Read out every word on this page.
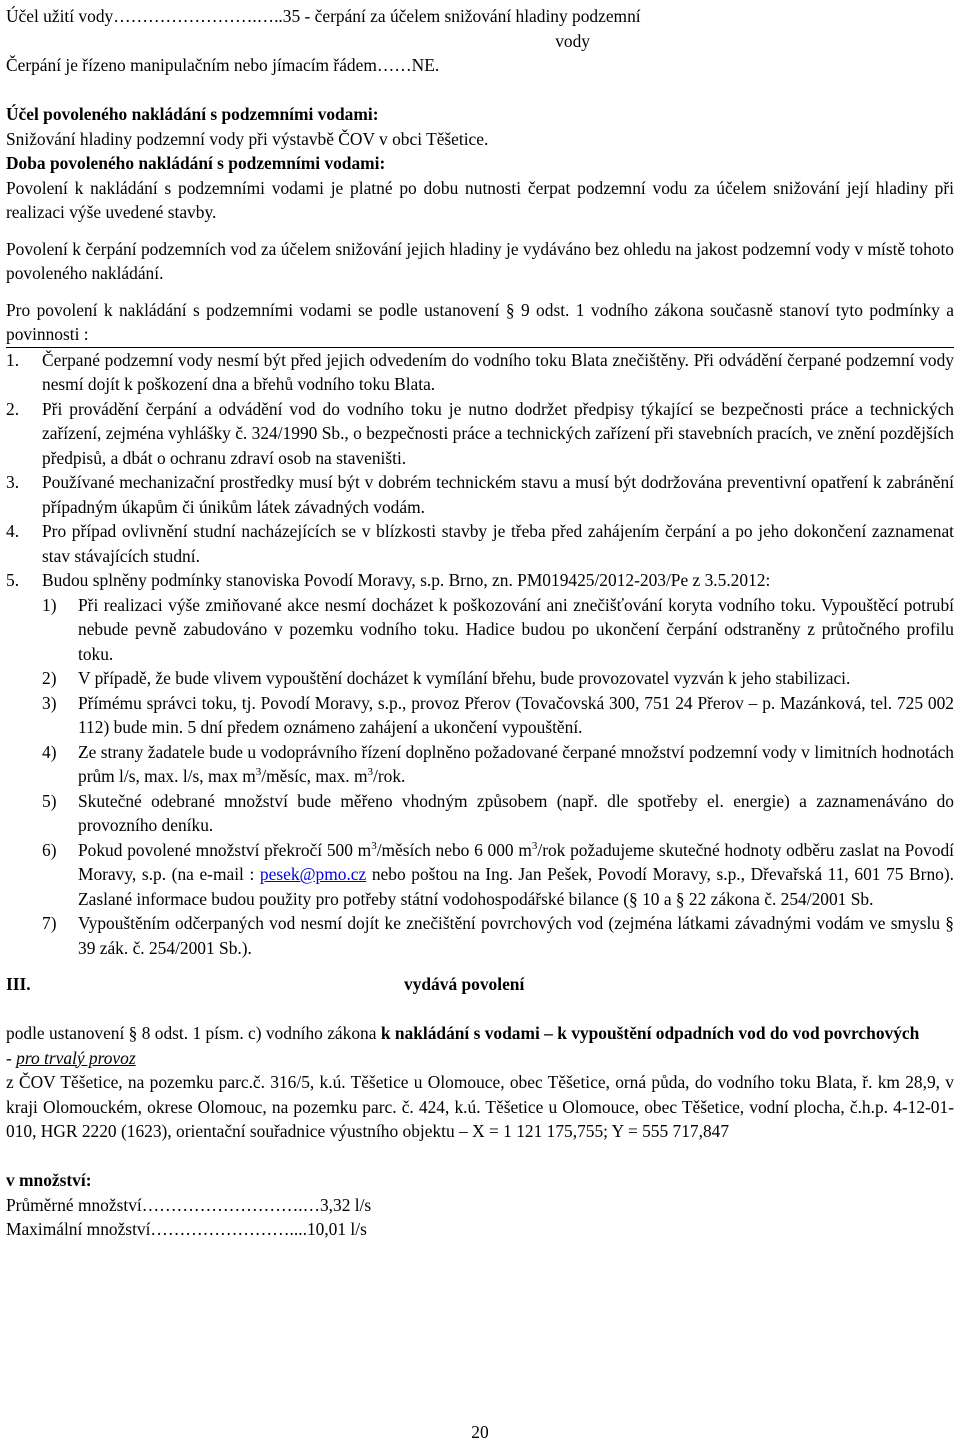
Účel užití vody…………………….…..35 - čerpání za účelem snižování hladiny podzemní

vody

Čerpání je řízeno manipulačním nebo jímacím řádem……NE.

Účel povoleného nakládání s podzemními vodami:

Snižování hladiny podzemní vody při výstavbě ČOV v obci Těšetice.

Doba povoleného nakládání s podzemními vodami:

Povolení k nakládání s podzemními vodami je platné po dobu nutnosti čerpat podzemní vodu za účelem snižování její hladiny při realizaci výše uvedené stavby.

Povolení k čerpání podzemních vod za účelem snižování jejich hladiny je vydáváno bez ohledu na jakost podzemní vody v místě tohoto povoleného nakládání.

Pro povolení k nakládání s podzemními vodami se podle ustanovení § 9 odst. 1 vodního zákona současně stanoví tyto podmínky a povinnosti :

1.	Čerpané podzemní vody nesmí být před jejich odvedením do vodního toku Blata znečištěny. Při odvádění čerpané podzemní vody nesmí dojít k poškození dna a břehů vodního toku Blata.
2.	Při provádění čerpání a odvádění vod do vodního toku je nutno dodržet předpisy týkající se bezpečnosti práce a technických zařízení, zejména vyhlášky č. 324/1990 Sb., o bezpečnosti práce a technických zařízení při stavebních pracích, ve znění pozdějších předpisů, a dbát o ochranu zdraví osob na staveništi.
3.	Používané mechanizační prostředky musí být v dobrém technickém stavu a musí být dodržována preventivní opatření k zabránění případným úkapům či únikům látek závadných vodám.
4.	Pro případ ovlivnění studní nacházejících se v blízkosti stavby je třeba před zahájením čerpání a po jeho dokončení zaznamenat stav stávajících studní.
5.	Budou splněny podmínky stanoviska Povodí Moravy, s.p. Brno, zn. PM019425/2012-203/Pe z 3.5.2012:
1)	Při realizaci výše zmiňované akce nesmí docházet k poškozování ani znečišťování koryta vodního toku. Vypouštěcí potrubí nebude pevně zabudováno v pozemku vodního toku. Hadice budou po ukončení čerpání odstraněny z průtočného profilu toku.
2)	V případě, že bude vlivem vypouštění docházet k vymílání břehu, bude provozovatel vyzván k jeho stabilizaci.
3)	Přímému správci toku, tj. Povodí Moravy, s.p., provoz Přerov (Tovačovská 300, 751 24 Přerov – p. Mazánková, tel. 725 002 112) bude min. 5 dní předem oznámeno zahájení a ukončení vypouštění.
4)	Ze strany žadatele bude u vodoprávního řízení doplněno požadované čerpané množství podzemní vody v limitních hodnotách prům l/s, max. l/s, $\max m^3$/měsíc, max. $m^3$/rok.
5)	Skutečné odebrané množství bude měřeno vhodným způsobem (např. dle spotřeby el. energie) a zaznamenáváno do provozního deníku.
6)	Pokud povolené množství překročí 500 $m^3$/měsích nebo 6 000 $m^3$/rok požadujeme skutečné hodnoty odběru zaslat na Povodí Moravy, s.p. (na e-mail : pesek@pmo.cz nebo poštou na Ing. Jan Pešek, Povodí Moravy, s.p., Dřevařská 11, 601 75 Brno). Zaslané informace budou použity pro potřeby státní vodohospodářské bilance (§ 10 a § 22 zákona č. 254/2001 Sb.
7)	Vypouštěním odčerpaných vod nesmí dojít ke znečištění povrchových vod (zejména látkami závadnými vodám ve smyslu § 39 zák. č. 254/2001 Sb.).
III.	vydává povolení

podle ustanovení § 8 odst. 1 písm. c) vodního zákona k nakládání s vodami – k vypouštění odpadních vod do vod povrchových

- pro trvalý provoz

z ČOV Těšetice, na pozemku parc.č. 316/5, k.ú. Těšetice u Olomouce, obec Těšetice, orná půda, do vodního toku Blata, ř. km 28,9, v kraji Olomouckém, okrese Olomouc, na pozemku parc. č. 424, k.ú. Těšetice u Olomouce, obec Těšetice, vodní plocha, č.h.p. 4-12-01-010, HGR 2220 (1623), orientační souřadnice výustního objektu – X = 1 121 175,755; Y = 555 717,847

v množství:

Průměrné množství……………………….…3,32 l/s

Maximální množství……………………....10,01 l/s

20
